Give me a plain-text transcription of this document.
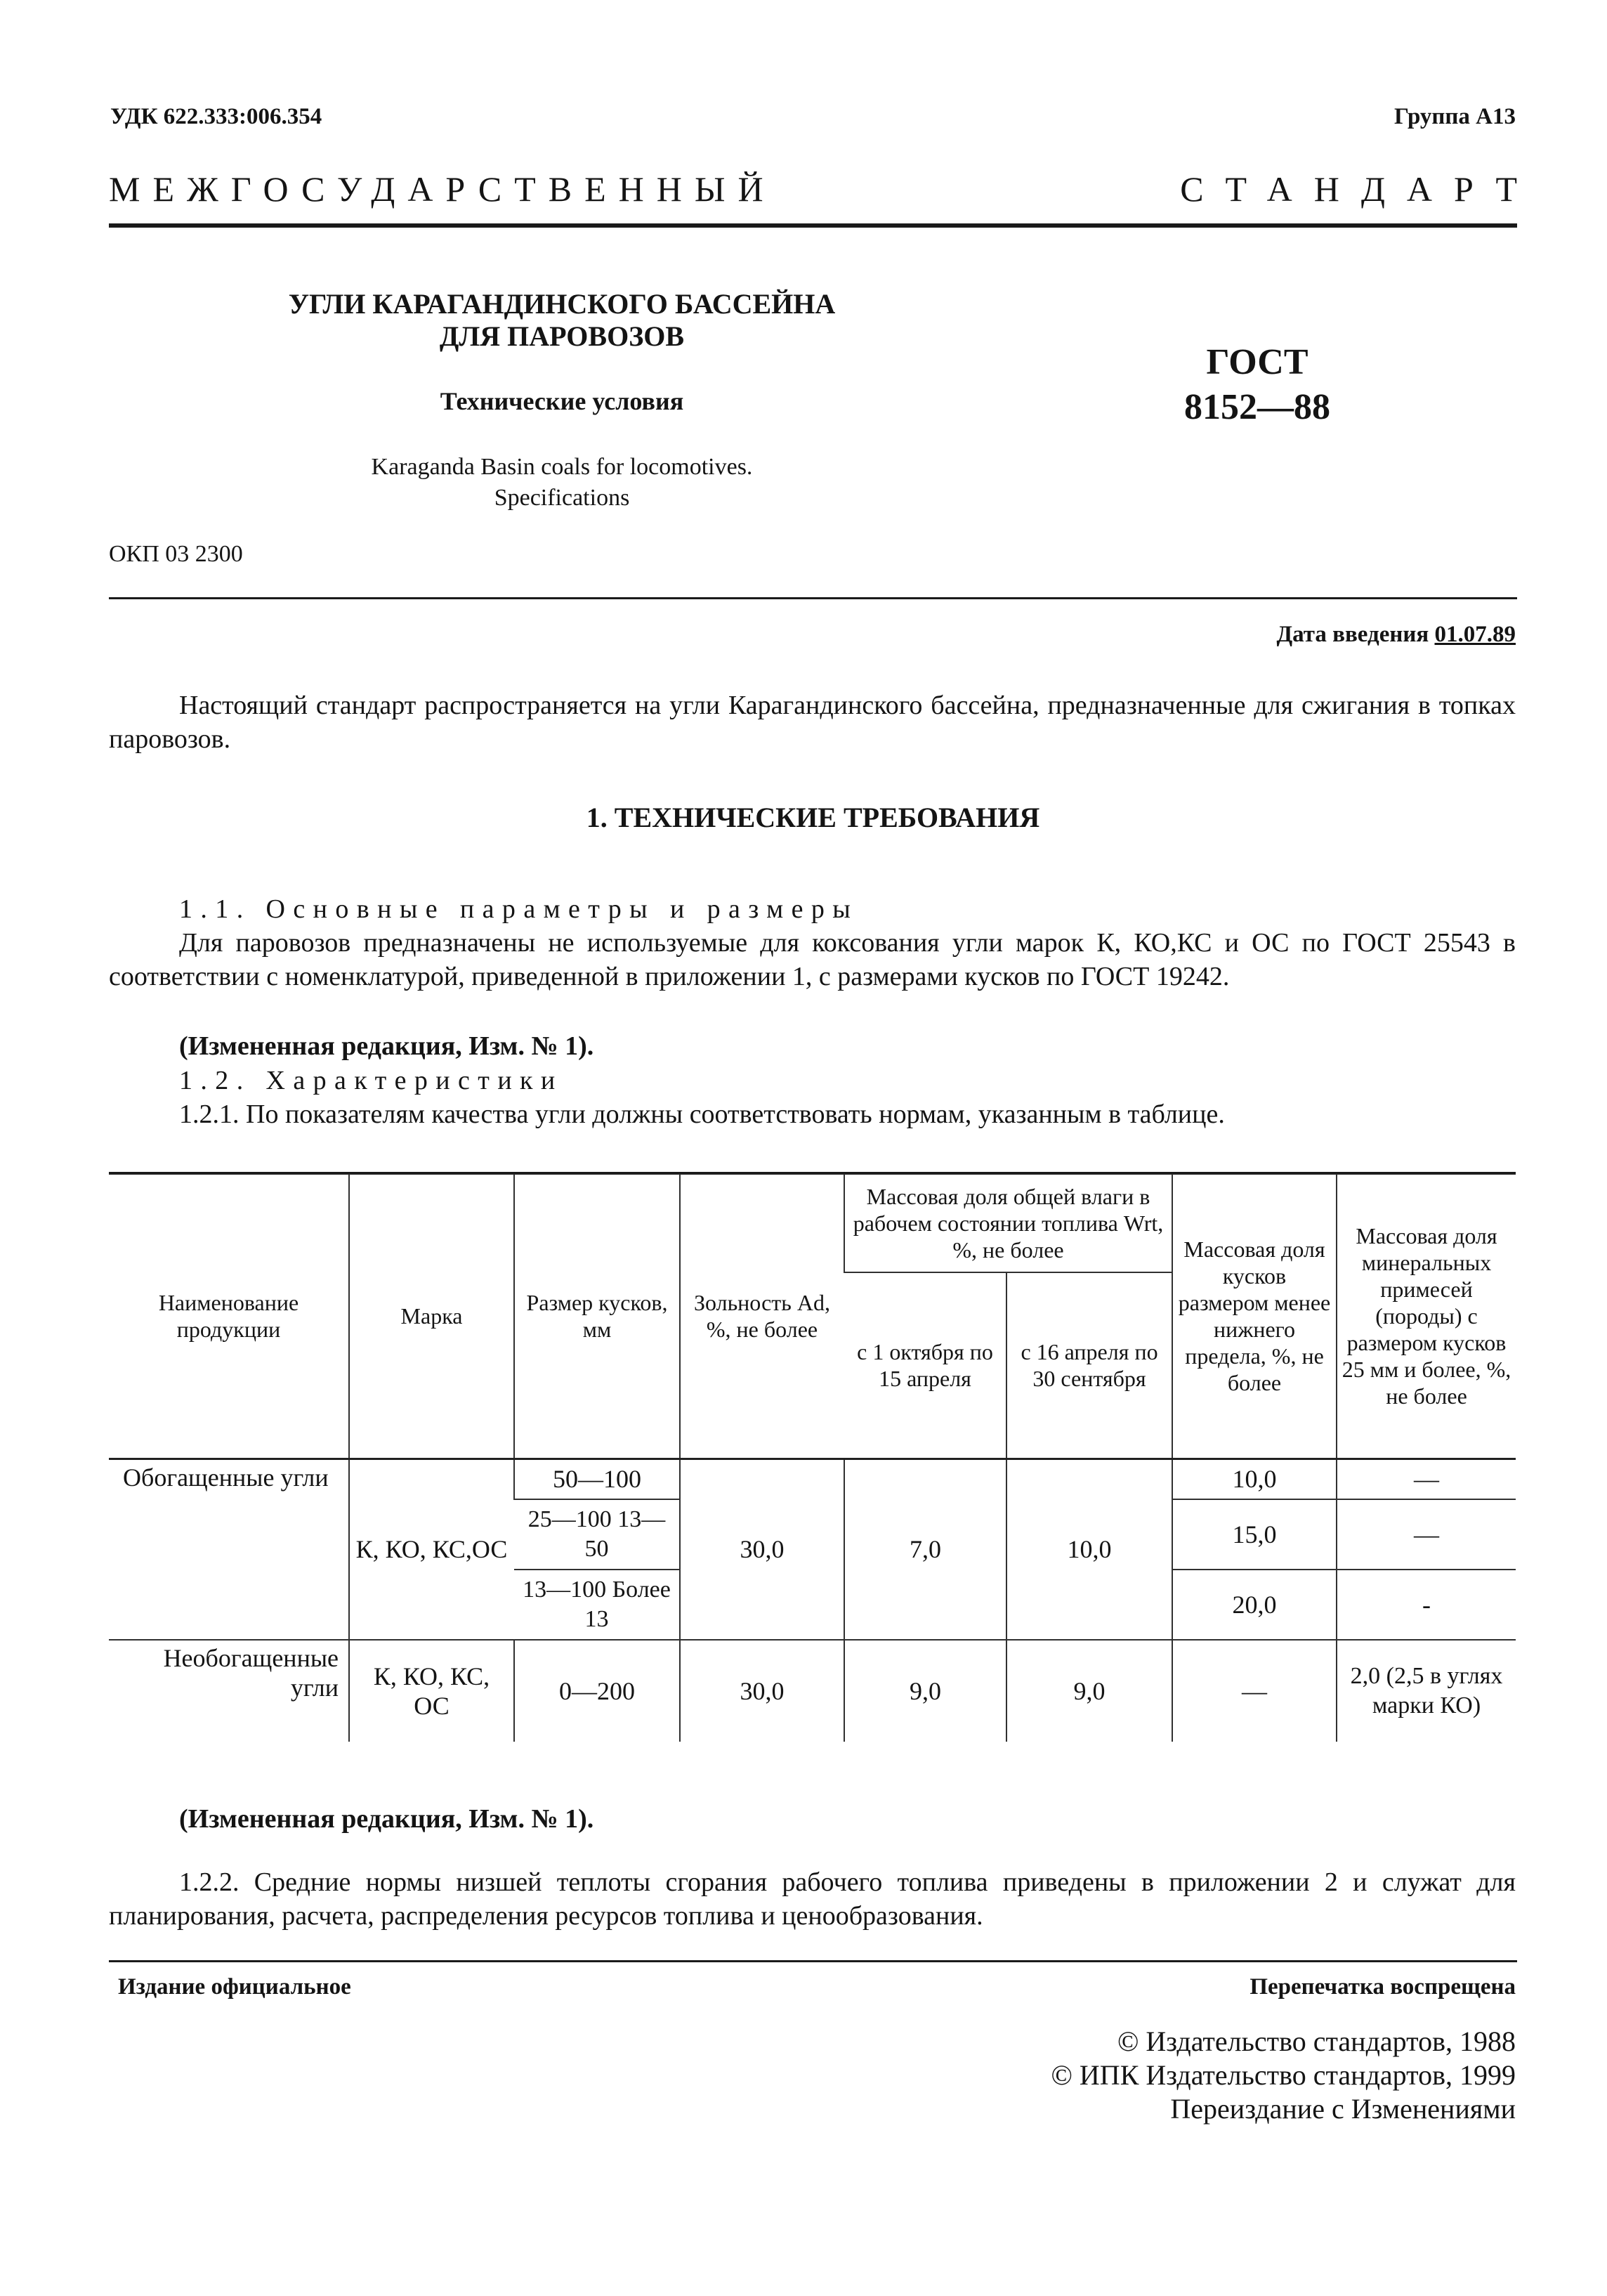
УДК 622.333:006.354	Группа А13
МЕЖГОСУДАРСТВЕННЫЙ	СТАНДАРТ
УГЛИ КАРАГАНДИНСКОГО БАССЕЙНА
ДЛЯ ПАРОВОЗОВ
Технические условия
Karaganda Basin coals for locomotives.
Specifications
ГОСТ
8152—88
ОКП 03 2300
Дата введения 01.07.89
Настоящий стандарт распространяется на угли Карагандинского бассейна, предназначенные для сжигания в топках паровозов.
1. ТЕХНИЧЕСКИЕ ТРЕБОВАНИЯ
1.1. Основные параметры и размеры
Для паровозов предназначены не используемые для коксования угли марок К, КО,КС и ОС по ГОСТ 25543 в соответствии с номенклатурой, приведенной в приложении 1, с размерами кусков по ГОСТ 19242.
(Измененная редакция, Изм. № 1).
1.2. Характеристики
1.2.1. По показателям качества угли должны соответствовать нормам, указанным в таблице.
Наименование продукции	Марка	Размер кусков, мм	Зольность Ad, %, не более	Массовая доля общей влаги в рабочем состоянии топлива Wrt, %, не более		Массовая доля кусков размером менее нижнего предела, %, не более	Массовая доля минеральных примесей (породы) с размером кусков 25 мм и более, %, не более
				с 1 октября по 15 апреля	с 16 апреля по 30 сентября		
Обогащенные угли	К, КО, КС,ОС	50—100	30,0	7,0	10,0	10,0	—
		25—100 13—50				15,0	—
		13—100 Более 13				20,0	-
Необогащенные угли	К, КО, КС, ОС	0—200	30,0	9,0	9,0	—	2,0 (2,5 в углях марки КО)
(Измененная редакция, Изм. № 1).
1.2.2. Средние нормы низшей теплоты сгорания рабочего топлива приведены в приложении 2 и служат для планирования, расчета, распределения ресурсов топлива и ценообразования.
Издание официальное	Перепечатка воспрещена
© Издательство стандартов, 1988
© ИПК Издательство стандартов, 1999
Переиздание с Изменениями
